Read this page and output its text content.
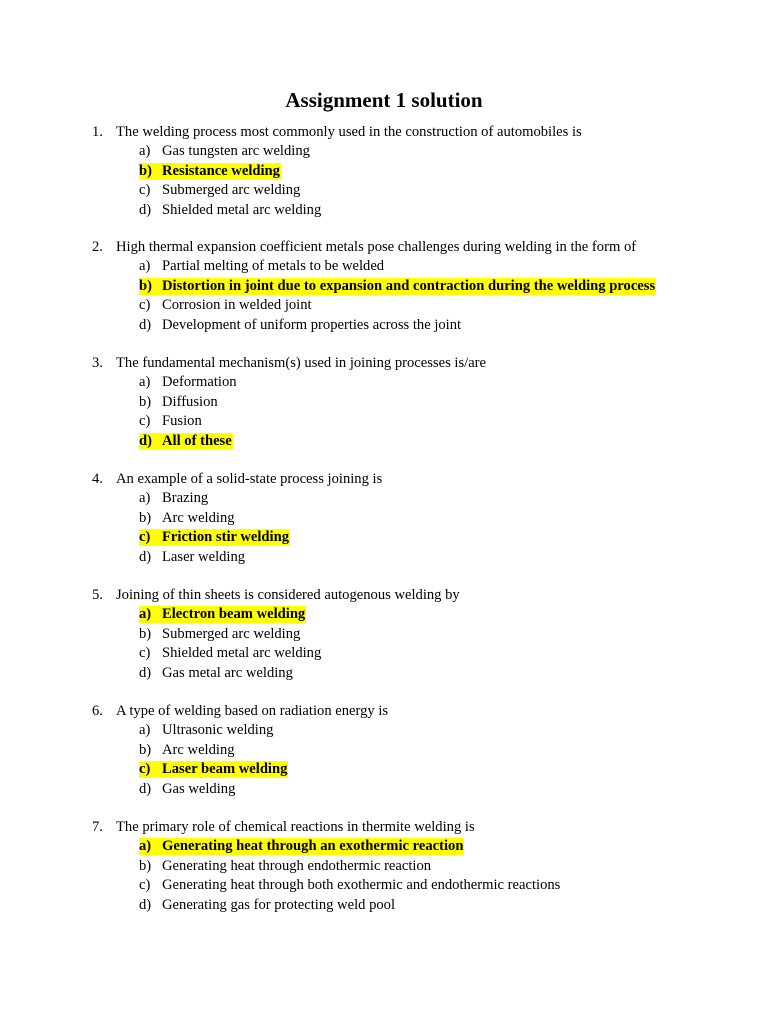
Assignment 1 solution
1. The welding process most commonly used in the construction of automobiles is
a) Gas tungsten arc welding
b) Resistance welding
c) Submerged arc welding
d) Shielded metal arc welding
2. High thermal expansion coefficient metals pose challenges during welding in the form of
a) Partial melting of metals to be welded
b) Distortion in joint due to expansion and contraction during the welding process
c) Corrosion in welded joint
d) Development of uniform properties across the joint
3. The fundamental mechanism(s) used in joining processes is/are
a) Deformation
b) Diffusion
c) Fusion
d) All of these
4. An example of a solid-state process joining is
a) Brazing
b) Arc welding
c) Friction stir welding
d) Laser welding
5. Joining of thin sheets is considered autogenous welding by
a) Electron beam welding
b) Submerged arc welding
c) Shielded metal arc welding
d) Gas metal arc welding
6. A type of welding based on radiation energy is
a) Ultrasonic welding
b) Arc welding
c) Laser beam welding
d) Gas welding
7. The primary role of chemical reactions in thermite welding is
a) Generating heat through an exothermic reaction
b) Generating heat through endothermic reaction
c) Generating heat through both exothermic and endothermic reactions
d) Generating gas for protecting weld pool
